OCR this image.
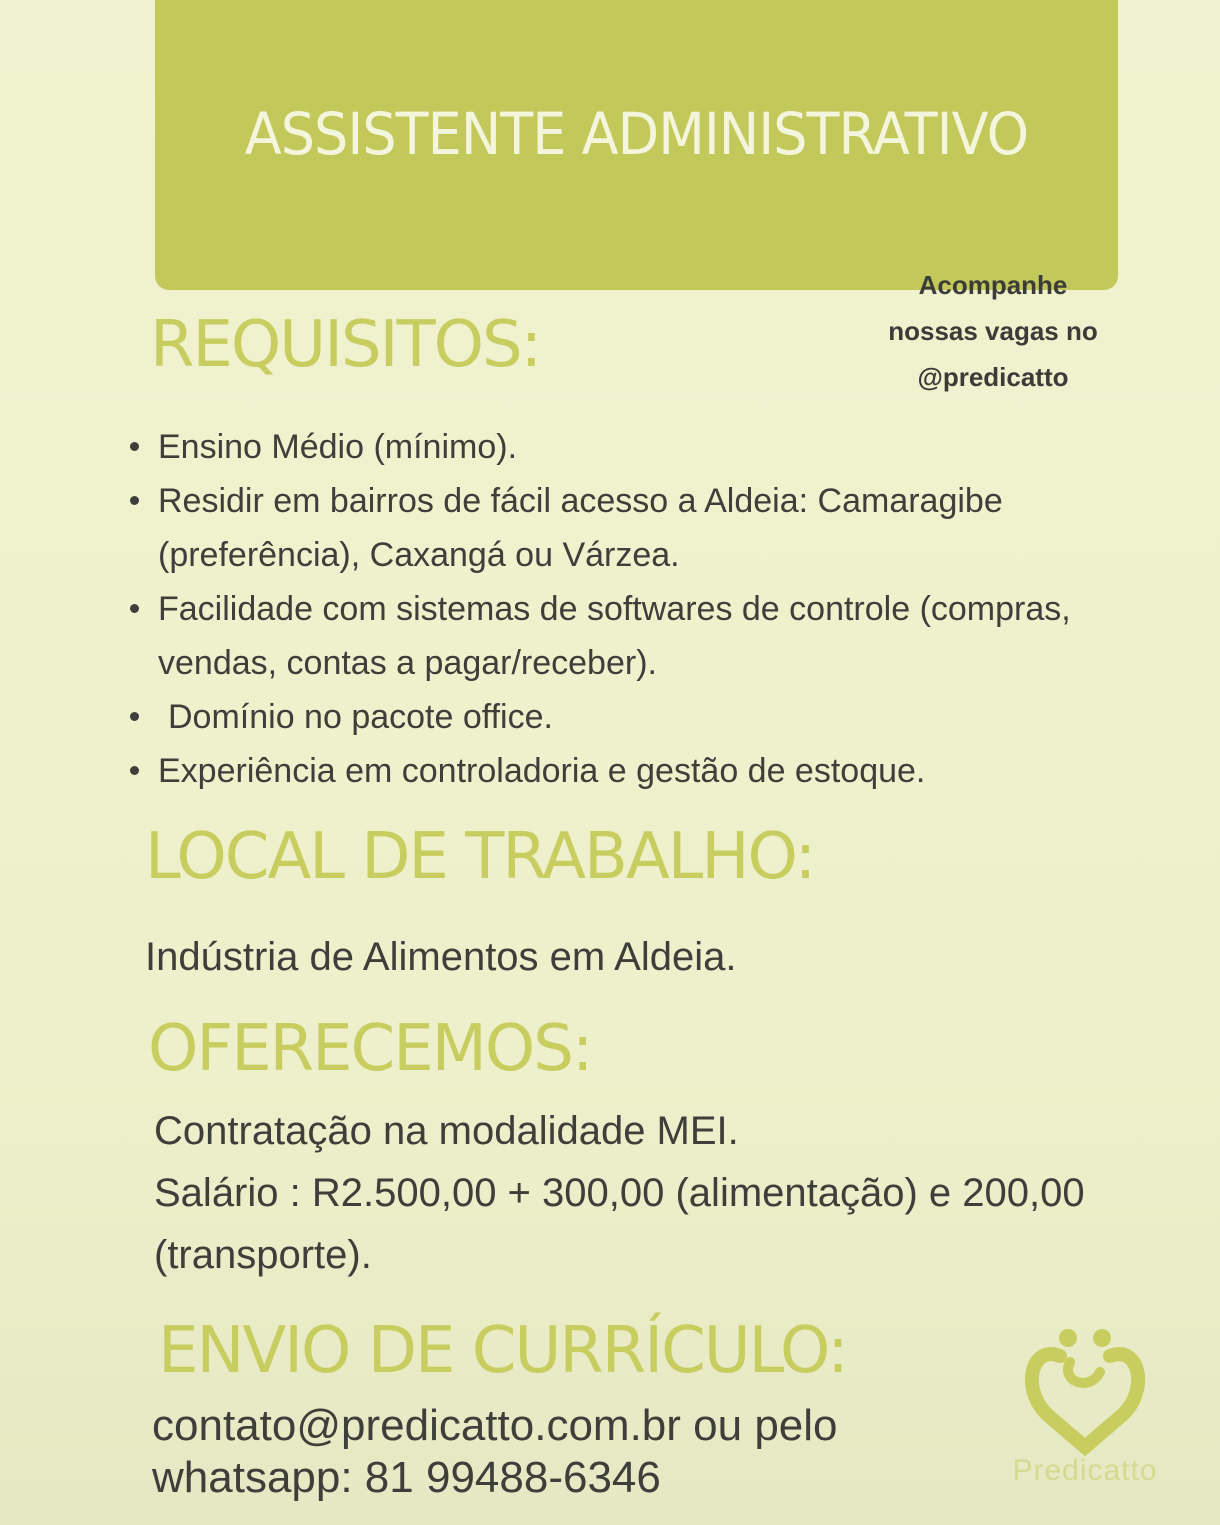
ASSISTENTE ADMINISTRATIVO
Acompanhe
nossas vagas no
@predicatto
REQUISITOS:
Ensino Médio (mínimo).
Residir em bairros de fácil acesso a Aldeia: Camaragibe (preferência), Caxangá ou Várzea.
Facilidade com sistemas de softwares de controle (compras, vendas, contas a pagar/receber).
Domínio no pacote office.
Experiência em controladoria e gestão de estoque.
LOCAL DE TRABALHO:
Indústria de Alimentos em Aldeia.
OFERECEMOS:
Contratação na modalidade MEI.
Salário : R2.500,00 + 300,00 (alimentação) e 200,00 (transporte).
ENVIO DE CURRÍCULO:
contato@predicatto.com.br ou pelo
whatsapp: 81 99488-6346	Predicatto
